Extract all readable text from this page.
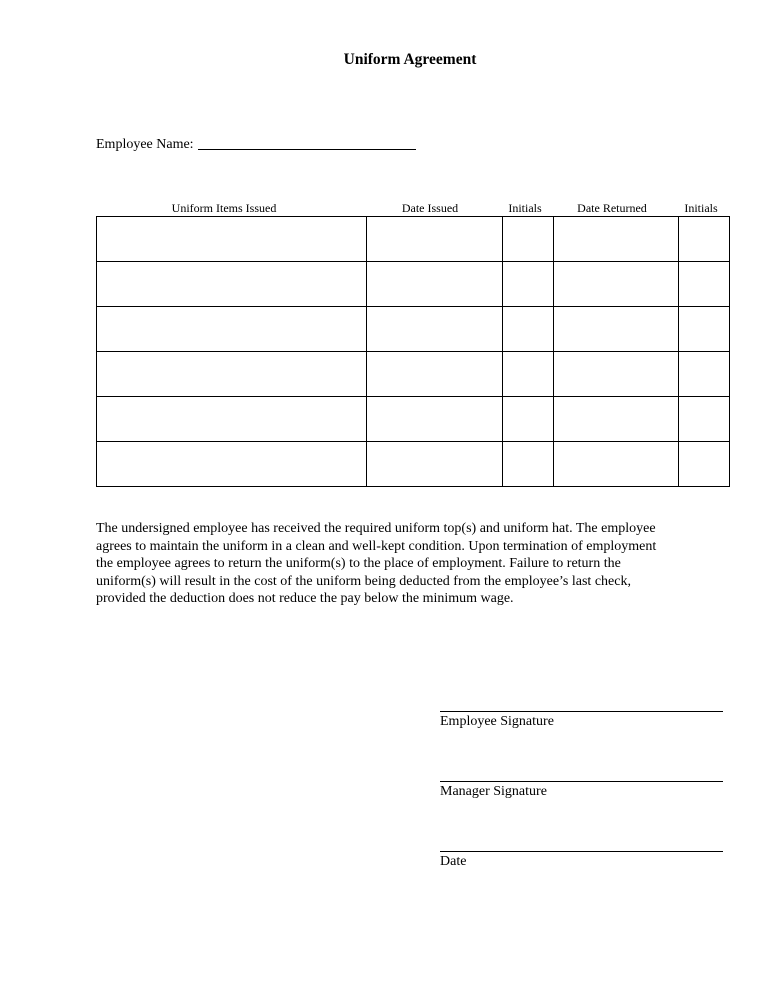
Uniform Agreement
Employee Name:
Uniform Items Issued	Date Issued	Initials	Date Returned	Initials

The undersigned employee has received the required uniform top(s) and uniform hat. The employee
agrees to maintain the uniform in a clean and well-kept condition. Upon termination of employment
the employee agrees to return the uniform(s) to the place of employment. Failure to return the
uniform(s) will result in the cost of the uniform being deducted from the employee’s last check,
provided the deduction does not reduce the pay below the minimum wage.
Employee Signature
Manager Signature
Date
